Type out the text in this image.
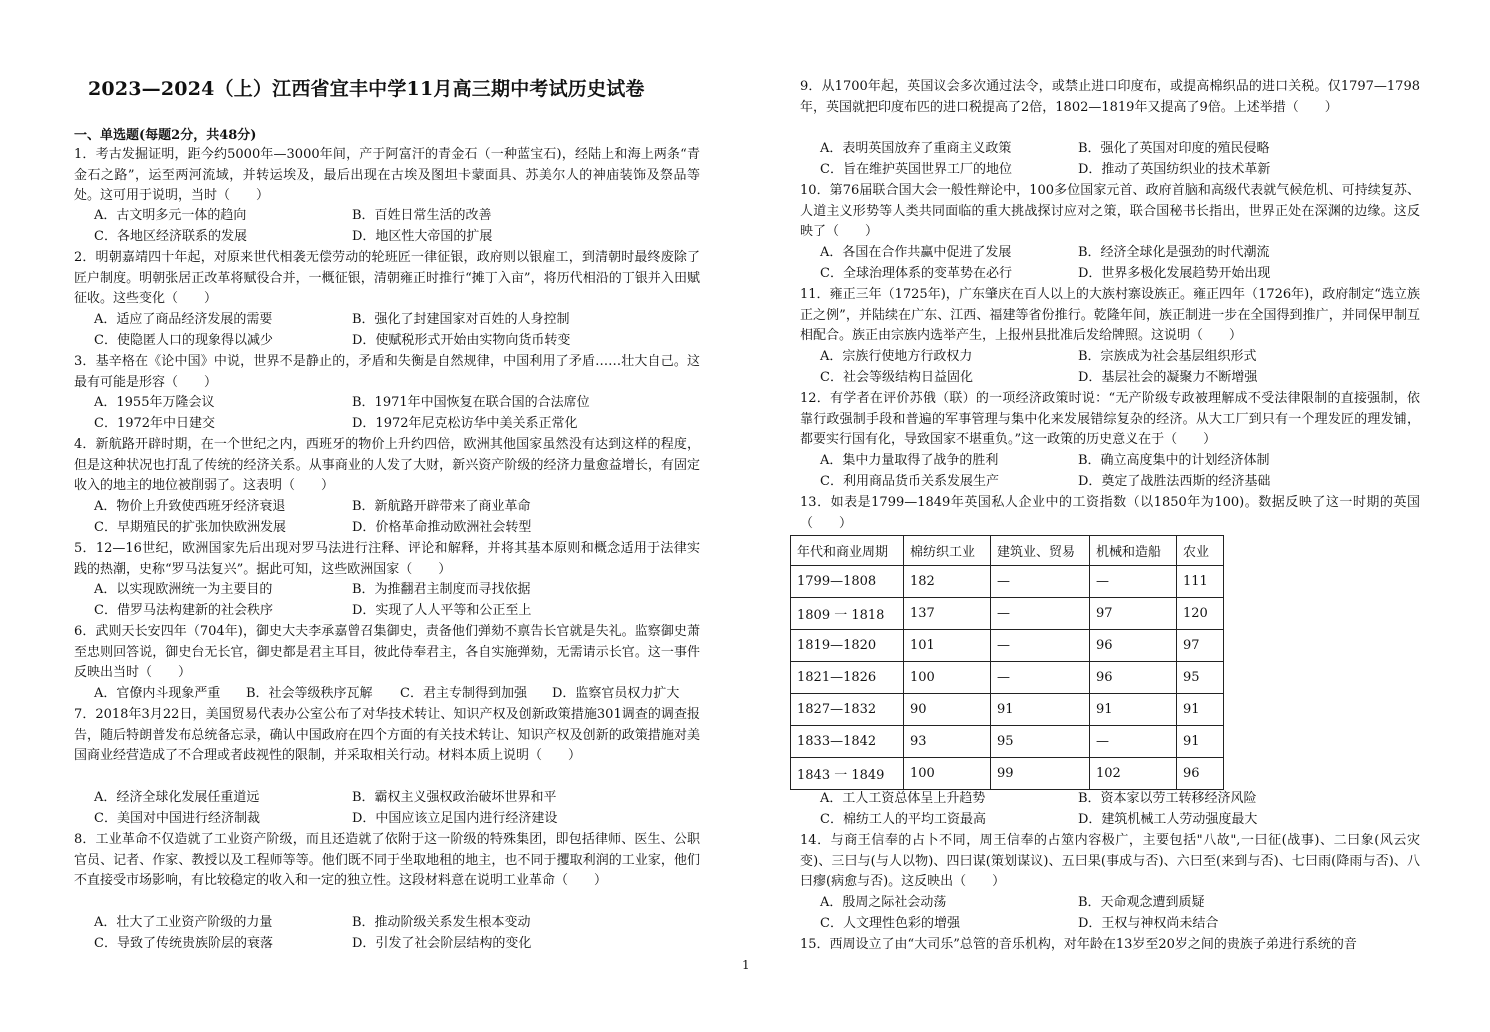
2023—2024（上）江西省宜丰中学11月高三期中考试历史试卷
一、单选题(每题2分，共48分)
1．考古发掘证明，距今约5000年—3000年间，产于阿富汗的青金石（一种蓝宝石)，经陆上和海上两条“青金石之路”，运至两河流域，并转运埃及，最后出现在古埃及图坦卡蒙面具、苏美尔人的神庙装饰及祭品等处。这可用于说明，当时（　　）
A．古文明多元一体的趋向	B．百姓日常生活的改善
C．各地区经济联系的发展	D．地区性大帝国的扩展
2．明朝嘉靖四十年起，对原来世代相袭无偿劳动的轮班匠一律征银，政府则以银雇工，到清朝时最终废除了匠户制度。明朝张居正改革将赋役合并，一概征银，清朝雍正时推行“摊丁入亩”，将历代相沿的丁银并入田赋征收。这些变化（　　）
A．适应了商品经济发展的需要	B．强化了封建国家对百姓的人身控制
C．使隐匿人口的现象得以减少	D．使赋税形式开始由实物向货币转变
3．基辛格在《论中国》中说，世界不是静止的，矛盾和失衡是自然规律，中国利用了矛盾……壮大自己。这最有可能是形容（　　）
A．1955年万隆会议	B．1971年中国恢复在联合国的合法席位
C．1972年中日建交	D．1972年尼克松访华中美关系正常化
4．新航路开辟时期，在一个世纪之内，西班牙的物价上升约四倍，欧洲其他国家虽然没有达到这样的程度，但是这种状况也打乱了传统的经济关系。从事商业的人发了大财，新兴资产阶级的经济力量愈益增长，有固定收入的地主的地位被削弱了。这表明（　　）
A．物价上升致使西班牙经济衰退	B．新航路开辟带来了商业革命
C．早期殖民的扩张加快欧洲发展	D．价格革命推动欧洲社会转型
5．12—16世纪，欧洲国家先后出现对罗马法进行注释、评论和解释，并将其基本原则和概念适用于法律实践的热潮，史称“罗马法复兴”。据此可知，这些欧洲国家（　　）
A．以实现欧洲统一为主要目的	B．为推翻君主制度而寻找依据
C．借罗马法构建新的社会秩序	D．实现了人人平等和公正至上
6．武则天长安四年（704年)，御史大夫李承嘉曾召集御史，责备他们弹劾不禀告长官就是失礼。监察御史萧至忠则回答说，御史台无长官，御史都是君主耳目，彼此侍奉君主，各自实施弹劾，无需请示长官。这一事件反映出当时（　　）
A．官僚内斗现象严重 B．社会等级秩序瓦解 C．君主专制得到加强 D．监察官员权力扩大
7．2018年3月22日，美国贸易代表办公室公布了对华技术转让、知识产权及创新政策措施301调查的调查报告，随后特朗普发布总统备忘录，确认中国政府在四个方面的有关技术转让、知识产权及创新的政策措施对美国商业经营造成了不合理或者歧视性的限制，并采取相关行动。材料本质上说明（　　）
A．经济全球化发展任重道远	B．霸权主义强权政治破坏世界和平
C．美国对中国进行经济制裁	D．中国应该立足国内进行经济建设
8．工业革命不仅造就了工业资产阶级，而且还造就了依附于这一阶级的特殊集团，即包括律师、医生、公职官员、记者、作家、教授以及工程师等等。他们既不同于坐取地租的地主，也不同于攫取利润的工业家，他们不直接受市场影响，有比较稳定的收入和一定的独立性。这段材料意在说明工业革命（　　）
A．壮大了工业资产阶级的力量	B．推动阶级关系发生根本变动
C．导致了传统贵族阶层的衰落	D．引发了社会阶层结构的变化
9．从1700年起，英国议会多次通过法令，或禁止进口印度布，或提高棉织品的进口关税。仅1797—1798年，英国就把印度布匹的进口税提高了2倍，1802—1819年又提高了9倍。上述举措（　　）
A．表明英国放弃了重商主义政策	B．强化了英国对印度的殖民侵略
C．旨在维护英国世界工厂的地位	D．推动了英国纺织业的技术革新
10．第76届联合国大会一般性辩论中，100多位国家元首、政府首脑和高级代表就气候危机、可持续复苏、人道主义形势等人类共同面临的重大挑战探讨应对之策，联合国秘书长指出，世界正处在深渊的边缘。这反映了（　　）
A．各国在合作共赢中促进了发展	B．经济全球化是强劲的时代潮流
C．全球治理体系的变革势在必行	D．世界多极化发展趋势开始出现
11．雍正三年（1725年)，广东肇庆在百人以上的大族村寨设族正。雍正四年（1726年)，政府制定“选立族正之例”，并陆续在广东、江西、福建等省份推行。乾隆年间，族正制进一步在全国得到推广，并同保甲制互相配合。族正由宗族内选举产生，上报州县批准后发给牌照。这说明（　　）
A．宗族行使地方行政权力	B．宗族成为社会基层组织形式
C．社会等级结构日益固化	D．基层社会的凝聚力不断增强
12．有学者在评价苏俄（联）的一项经济政策时说：“无产阶级专政被理解成不受法律限制的直接强制，依靠行政强制手段和普遍的军事管理与集中化来发展错综复杂的经济。从大工厂到只有一个理发匠的理发铺，都要实行国有化，导致国家不堪重负。”这一政策的历史意义在于（　　）
A．集中力量取得了战争的胜利	B．确立高度集中的计划经济体制
C．利用商品货币关系发展生产	D．奠定了战胜法西斯的经济基础
13．如表是1799—1849年英国私人企业中的工资指数（以1850年为100)。数据反映了这一时期的英国（　　）
年代和商业周期	棉纺织工业	建筑业、贸易	机械和造船	农业
1799—1808	182	—	—	111
1809 一 1818	137	—	97	120
1819—1820	101	—	96	97
1821—1826	100	—	96	95
1827—1832	90	91	91	91
1833—1842	93	95	—	91
1843 一 1849	100	99	102	96
A．工人工资总体呈上升趋势	B．资本家以劳工转移经济风险
C．棉纺工人的平均工资最高	D．建筑机械工人劳动强度最大
14．与商王信奉的占卜不同，周王信奉的占筮内容极广，主要包括"八故",一曰征(战事)、二曰象(风云灾变)、三曰与(与人以物)、四曰谋(策划谋议)、五曰果(事成与否)、六曰至(来到与否)、七曰雨(降雨与否)、八曰瘳(病愈与否)。这反映出（　　）
A．殷周之际社会动荡	B．天命观念遭到质疑
C．人文理性色彩的增强	D．王权与神权尚未结合
15．西周设立了由“大司乐”总管的音乐机构，对年龄在13岁至20岁之间的贵族子弟进行系统的音
1
